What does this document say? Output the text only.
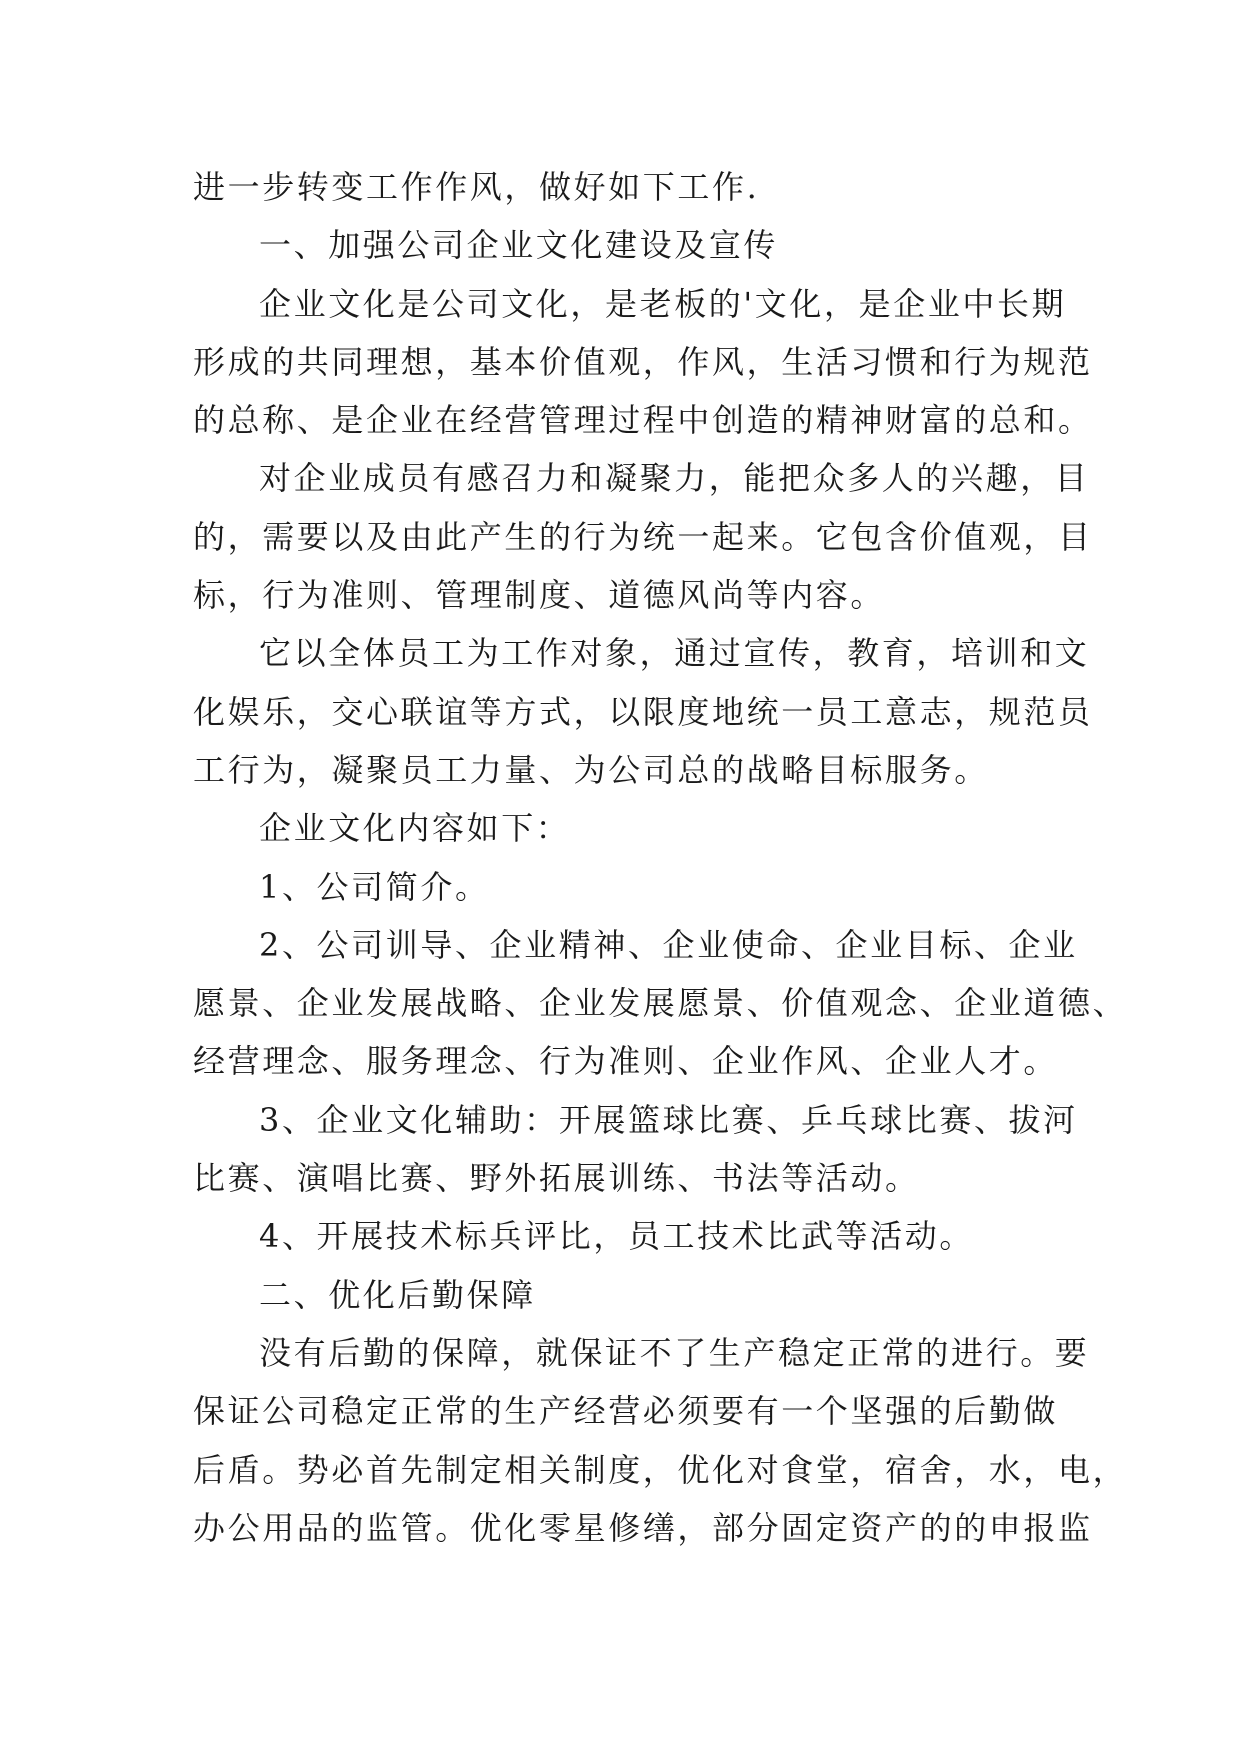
进一步转变工作作风，做好如下工作.
一、加强公司企业文化建设及宣传
企业文化是公司文化，是老板的'文化，是企业中长期
形成的共同理想，基本价值观，作风，生活习惯和行为规范
的总称、是企业在经营管理过程中创造的精神财富的总和。
对企业成员有感召力和凝聚力，能把众多人的兴趣，目
的，需要以及由此产生的行为统一起来。它包含价值观，目
标，行为准则、管理制度、道德风尚等内容。
它以全体员工为工作对象，通过宣传，教育，培训和文
化娱乐，交心联谊等方式，以限度地统一员工意志，规范员
工行为，凝聚员工力量、为公司总的战略目标服务。
企业文化内容如下：
1、公司简介。
2、公司训导、企业精神、企业使命、企业目标、企业
愿景、企业发展战略、企业发展愿景、价值观念、企业道德、
经营理念、服务理念、行为准则、企业作风、企业人才。
3、企业文化辅助：开展篮球比赛、乒乓球比赛、拔河
比赛、演唱比赛、野外拓展训练、书法等活动。
4、开展技术标兵评比，员工技术比武等活动。
二、优化后勤保障
没有后勤的保障，就保证不了生产稳定正常的进行。要
保证公司稳定正常的生产经营必须要有一个坚强的后勤做
后盾。势必首先制定相关制度，优化对食堂，宿舍，水，电，
办公用品的监管。优化零星修缮，部分固定资产的的申报监
